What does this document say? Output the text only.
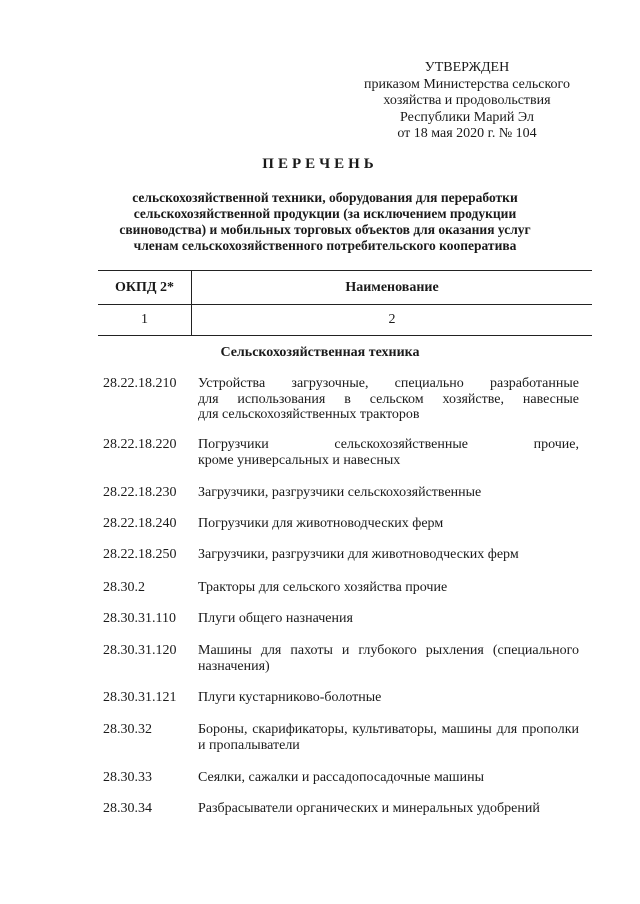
УТВЕРЖДЕН
приказом Министерства сельского
хозяйства и продовольствия
Республики Марий Эл
от 18 мая 2020 г. № 104
ПЕРЕЧЕНЬ
сельскохозяйственной техники, оборудования для переработки
сельскохозяйственной продукции (за исключением продукции
свиноводства) и мобильных торговых объектов для оказания услуг
членам сельскохозяйственного потребительского кооператива
ОКПД 2*	Наименование
1	2
Сельскохозяйственная техника
28.22.18.210 Устройства загрузочные, специально разработанные
для использования в сельском хозяйстве, навесные
для сельскохозяйственных тракторов
28.22.18.220 Погрузчики сельскохозяйственные прочие,
кроме универсальных и навесных
28.22.18.230 Загрузчики, разгрузчики сельскохозяйственные
28.22.18.240 Погрузчики для животноводческих ферм
28.22.18.250 Загрузчики, разгрузчики для животноводческих ферм
28.30.2	Тракторы для сельского хозяйства прочие
28.30.31.110 Плуги общего назначения
28.30.31.120 Машины для пахоты и глубокого рыхления (специального
назначения)
28.30.31.121 Плуги кустарниково-болотные
28.30.32	Бороны, скарификаторы, культиваторы, машины для прополки
и пропалыватели
28.30.33	Сеялки, сажалки и рассадопосадочные машины
28.30.34	Разбрасыватели органических и минеральных удобрений
